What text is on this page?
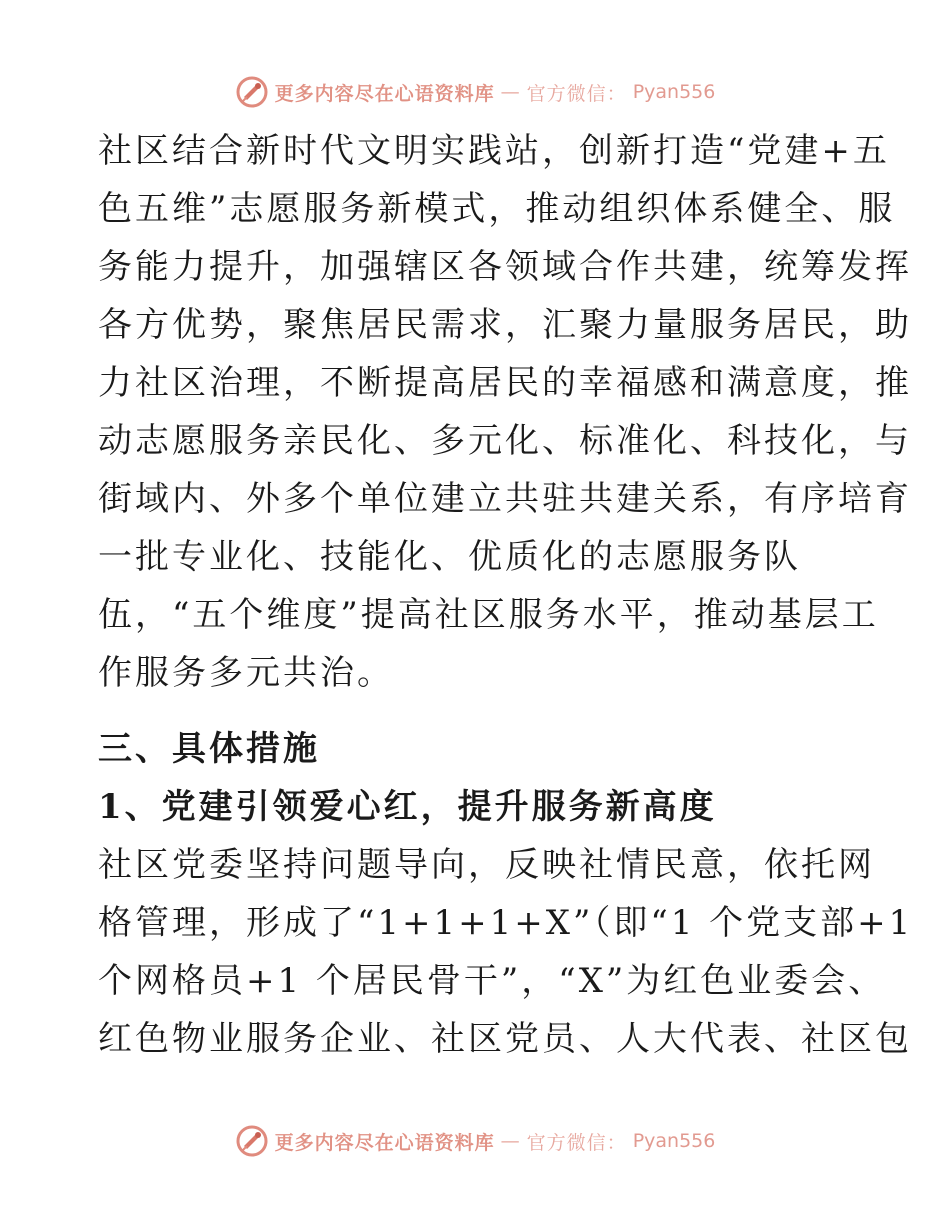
更多内容尽在心语资料库 — 官方微信： Pyan556

社区结合新时代文明实践站，创新打造“党建+五
色五维”志愿服务新模式，推动组织体系健全、服
务能力提升，加强辖区各领域合作共建，统筹发挥
各方优势，聚焦居民需求，汇聚力量服务居民，助
力社区治理，不断提高居民的幸福感和满意度，推
动志愿服务亲民化、多元化、标准化、科技化，与
街域内、外多个单位建立共驻共建关系，有序培育
一批专业化、技能化、优质化的志愿服务队
伍，“五个维度”提高社区服务水平，推动基层工
作服务多元共治。

三、具体措施
1、党建引领爱心红，提升服务新高度

社区党委坚持问题导向，反映社情民意，依托网
格管理，形成了“1+1+1+X”（即“1 个党支部+1
个网格员+1 个居民骨干”，“X”为红色业委会、
红色物业服务企业、社区党员、人大代表、社区包

更多内容尽在心语资料库 — 官方微信： Pyan556
